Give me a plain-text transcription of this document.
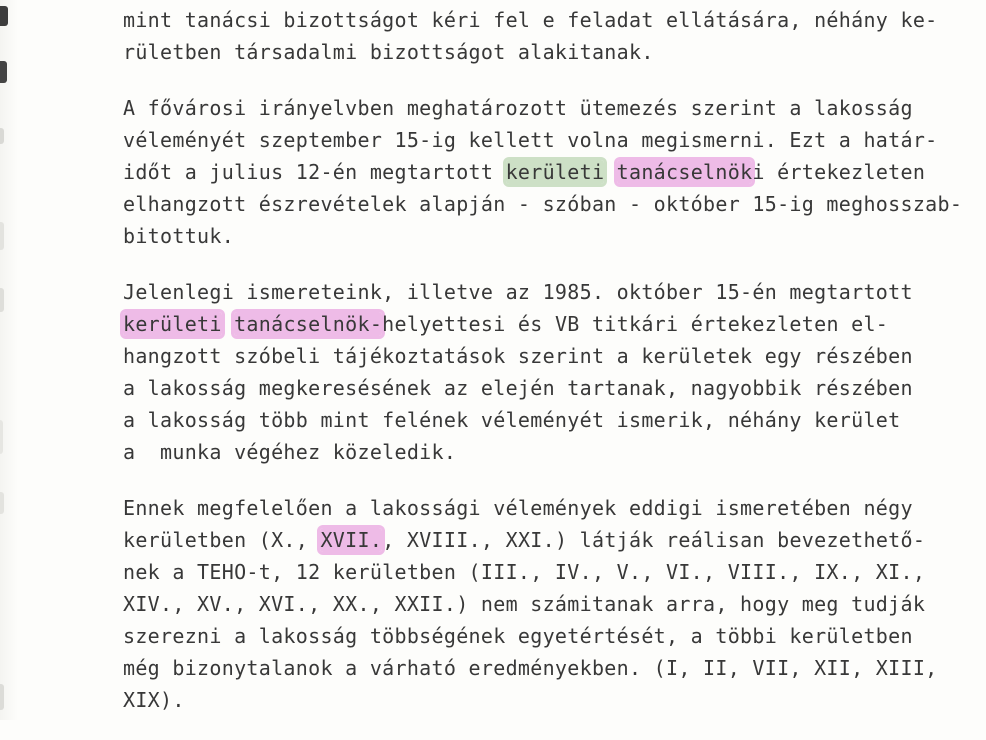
mint tanácsi bizottságot kéri fel e feladat ellátására, néhány ke-
rületben társadalmi bizottságot alakitanak.
A fővárosi irányelvben meghatározott ütemezés szerint a lakosság
véleményét szeptember 15-ig kellett volna megismerni. Ezt a határ-
időt a julius 12-én megtartott kerületi tanácselnöki értekezleten
elhangzott észrevételek alapján - szóban - október 15-ig meghosszab-
bitottuk.
Jelenlegi ismereteink, illetve az 1985. október 15-én megtartott
kerületi tanácselnök-helyettesi és VB titkári értekezleten el-
hangzott szóbeli tájékoztatások szerint a kerületek egy részében
a lakosság megkeresésének az elején tartanak, nagyobbik részében
a lakosság több mint felének véleményét ismerik, néhány kerület
a  munka végéhez közeledik.
Ennek megfelelően a lakossági vélemények eddigi ismeretében négy
kerületben (X., XVII., XVIII., XXI.) látják reálisan bevezethető-
nek a TEHO-t, 12 kerületben (III., IV., V., VI., VIII., IX., XI.,
XIV., XV., XVI., XX., XXII.) nem számitanak arra, hogy meg tudják
szerezni a lakosság többségének egyetértését, a többi kerületben
még bizonytalanok a várható eredményekben. (I, II, VII, XII, XIII,
XIX).
